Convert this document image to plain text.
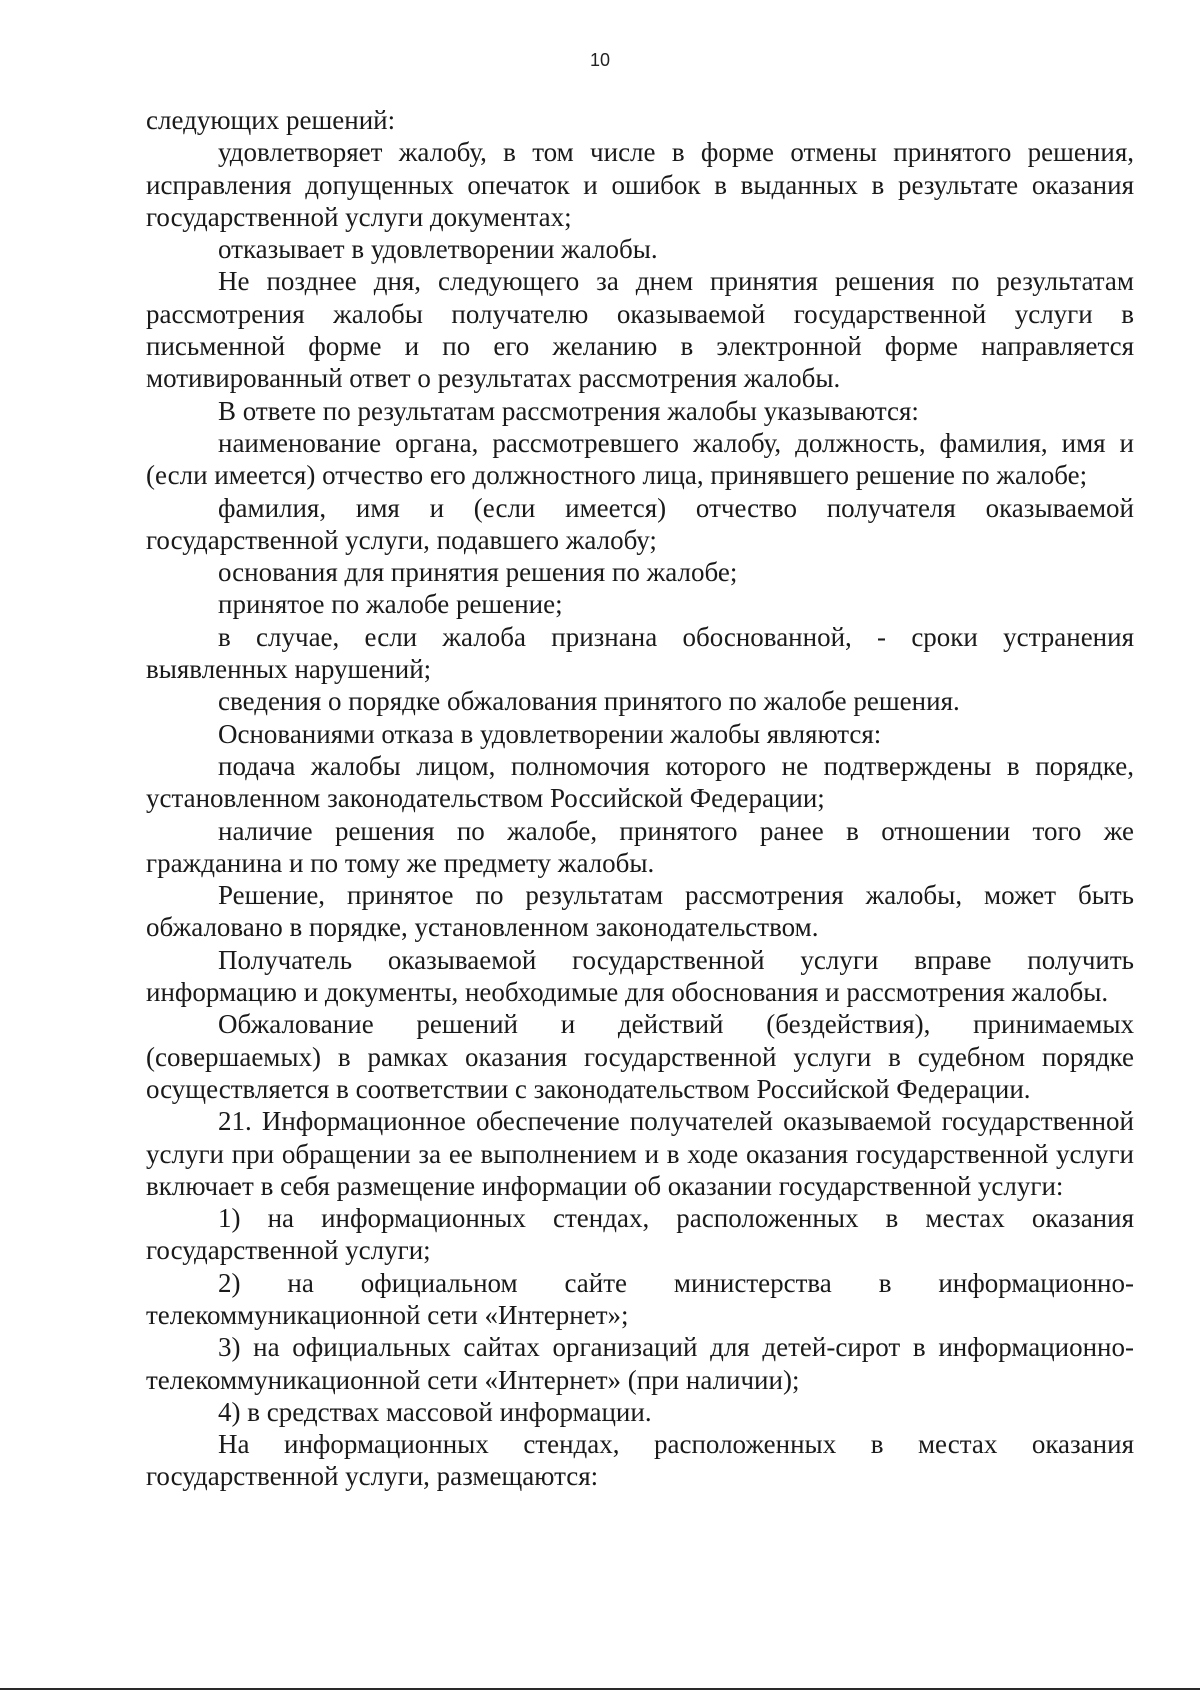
10

следующих решений:

удовлетворяет жалобу, в том числе в форме отмены принятого решения, исправления допущенных опечаток и ошибок в выданных в результате оказания государственной услуги документах;

отказывает в удовлетворении жалобы.

Не позднее дня, следующего за днем принятия решения по результатам рассмотрения жалобы получателю оказываемой государственной услуги в письменной форме и по его желанию в электронной форме направляется мотивированный ответ о результатах рассмотрения жалобы.

В ответе по результатам рассмотрения жалобы указываются:

наименование органа, рассмотревшего жалобу, должность, фамилия, имя и (если имеется) отчество его должностного лица, принявшего решение по жалобе;

фамилия, имя и (если имеется) отчество получателя оказываемой государственной услуги, подавшего жалобу;

основания для принятия решения по жалобе;

принятое по жалобе решение;

в случае, если жалоба признана обоснованной, - сроки устранения выявленных нарушений;

сведения о порядке обжалования принятого по жалобе решения.

Основаниями отказа в удовлетворении жалобы являются:

подача жалобы лицом, полномочия которого не подтверждены в порядке, установленном законодательством Российской Федерации;

наличие решения по жалобе, принятого ранее в отношении того же гражданина и по тому же предмету жалобы.

Решение, принятое по результатам рассмотрения жалобы, может быть обжаловано в порядке, установленном законодательством.

Получатель оказываемой государственной услуги вправе получить информацию и документы, необходимые для обоснования и рассмотрения жалобы.

Обжалование решений и действий (бездействия), принимаемых (совершаемых) в рамках оказания государственной услуги в судебном порядке осуществляется в соответствии с законодательством Российской Федерации.

21. Информационное обеспечение получателей оказываемой государственной услуги при обращении за ее выполнением и в ходе оказания государственной услуги включает в себя размещение информации об оказании государственной услуги:

1) на информационных стендах, расположенных в местах оказания государственной услуги;

2) на официальном сайте министерства в информационно-телекоммуникационной сети «Интернет»;

3) на официальных сайтах организаций для детей-сирот в информационно-телекоммуникационной сети «Интернет» (при наличии);

4) в средствах массовой информации.

На информационных стендах, расположенных в местах оказания государственной услуги, размещаются:
